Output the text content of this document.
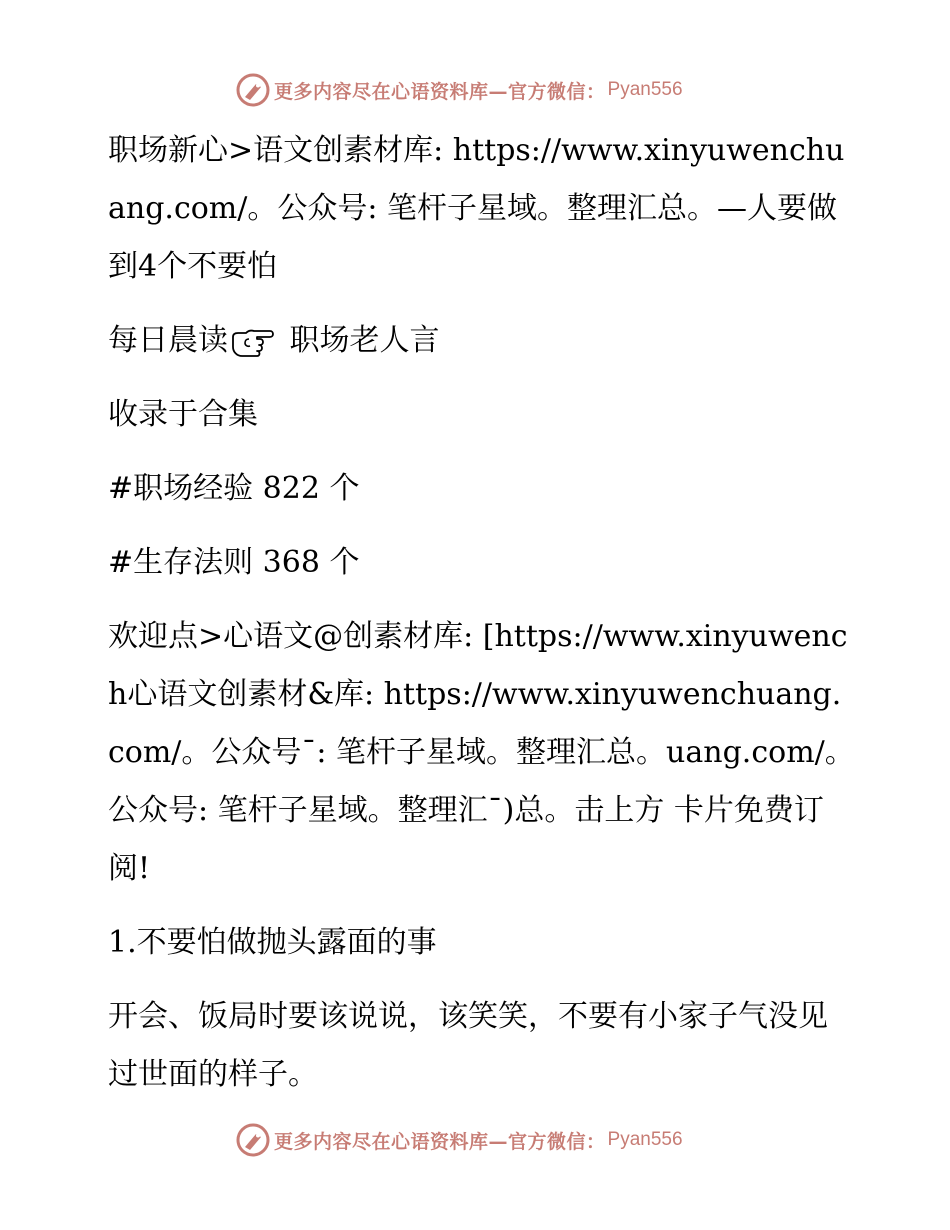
更多内容尽在心语资料库—官方微信： Pyan556

职场新心>语文创素材库: https://www.xinyuwenchuang.com/。公众号: 笔杆子星域。整理汇总。—人要做到4个不要怕

每日晨读 职场老人言

收录于合集

#职场经验 822 个

#生存法则 368 个

欢迎点>心语文@创素材库: [https://www.xinyuwench心语文创素材&库: https://www.xinyuwenchuang.com/。公众号¯: 笔杆子星域。整理汇总。uang.com/。公众号: 笔杆子星域。整理汇¯)总。击上方 卡片免费订阅!

1.不要怕做抛头露面的事

开会、饭局时要该说说，该笑笑，不要有小家子气没见过世面的样子。

更多内容尽在心语资料库—官方微信： Pyan556
